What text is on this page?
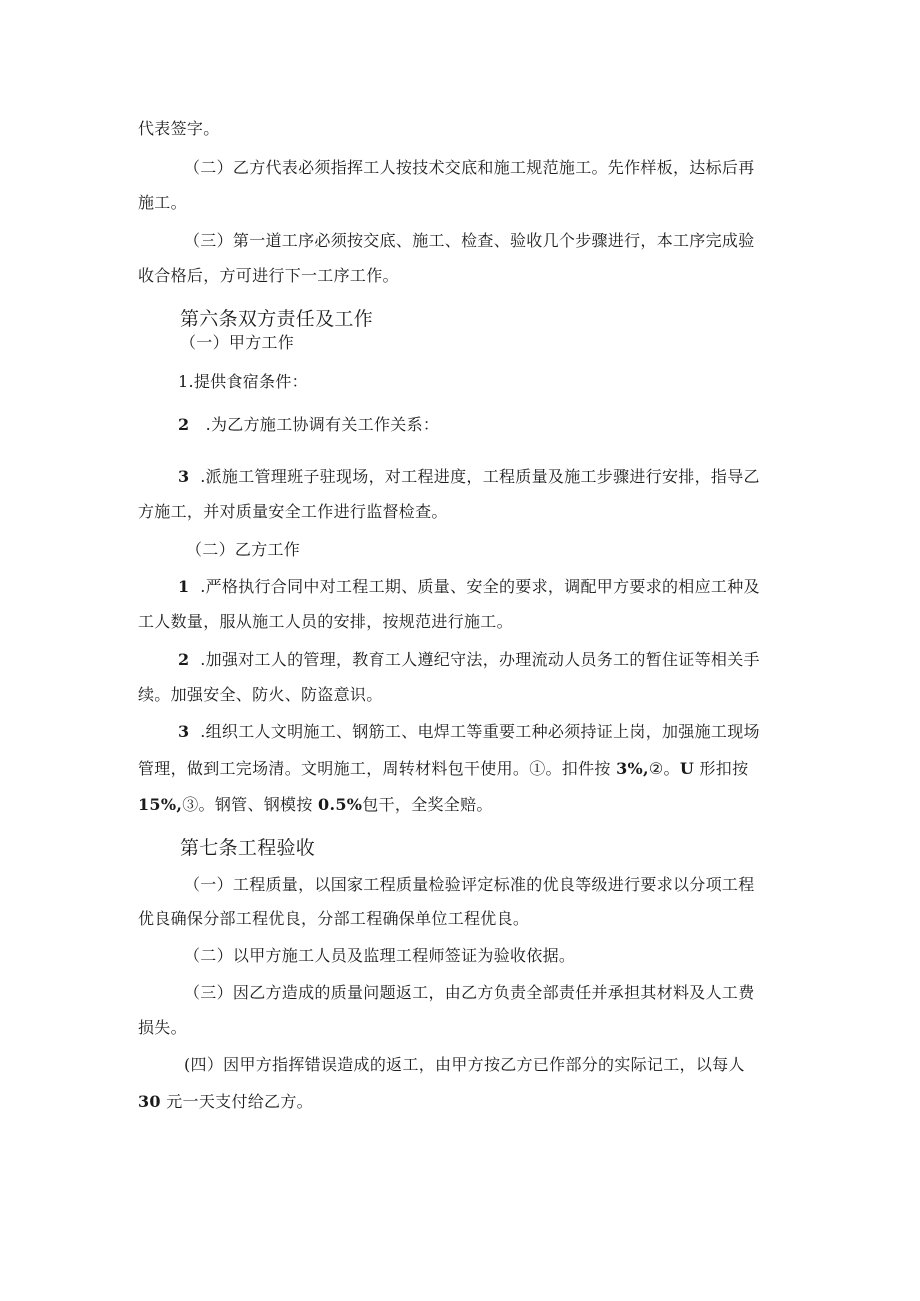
代表签字。
（二）乙方代表必须指挥工人按技术交底和施工规范施工。先作样板，达标后再
施工。
（三）第一道工序必须按交底、施工、检查、验收几个步骤进行，本工序完成验
收合格后，方可进行下一工序工作。
第六条双方责任及工作
（一）甲方工作
1.提供食宿条件：
2 .为乙方施工协调有关工作关系：
3 .派施工管理班子驻现场，对工程进度，工程质量及施工步骤进行安排，指导乙
方施工，并对质量安全工作进行监督检查。
（二）乙方工作
1 .严格执行合同中对工程工期、质量、安全的要求，调配甲方要求的相应工种及
工人数量，服从施工人员的安排，按规范进行施工。
2 .加强对工人的管理，教育工人遵纪守法，办理流动人员务工的暂住证等相关手
续。加强安全、防火、防盗意识。
3 .组织工人文明施工、钢筋工、电焊工等重要工种必须持证上岗，加强施工现场
管理，做到工完场清。文明施工，周转材料包干使用。①。扣件按 3%,②。U 形扣按
15%,③。钢管、钢模按 0.5%包干，全奖全赔。
第七条工程验收
（一）工程质量，以国家工程质量检验评定标准的优良等级进行要求以分项工程
优良确保分部工程优良，分部工程确保单位工程优良。
（二）以甲方施工人员及监理工程师签证为验收依据。
（三）因乙方造成的质量问题返工，由乙方负责全部责任并承担其材料及人工费
损失。
(四）因甲方指挥错误造成的返工，由甲方按乙方已作部分的实际记工，以每人
30 元一天支付给乙方。
